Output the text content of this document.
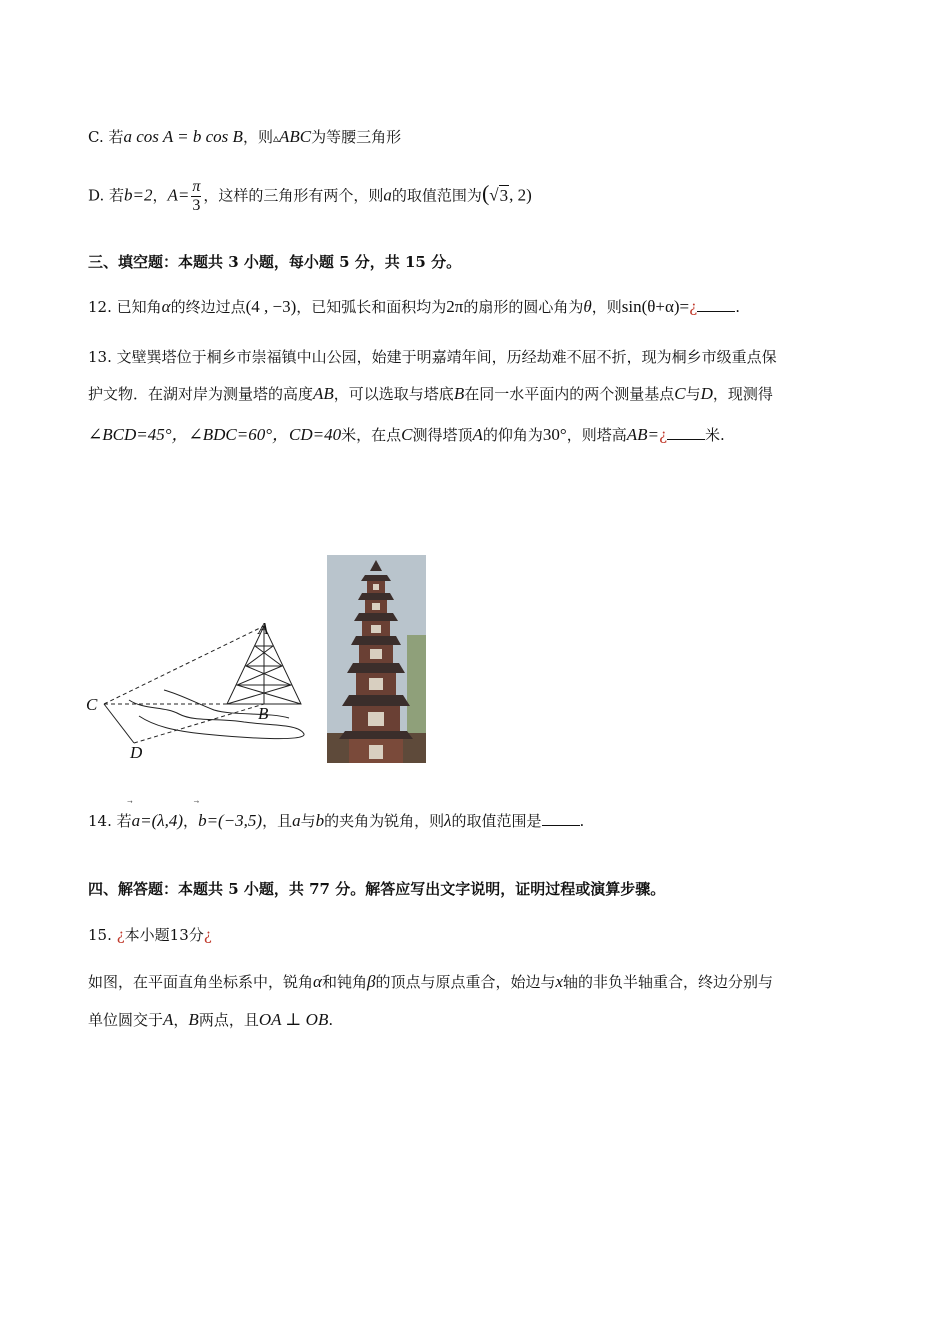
C. 若a cos A = b cos B，则▵ABC为等腰三角形
D. 若b=2，$A= \frac{\pi}{3}$ ，这样的三角形有两个，则a的取值范围为(√3, 2)
三、填空题：本题共 3 小题，每小题 5 分，共 15 分。
12. 已知角α的终边过点(4 , −3)，已知弧长和面积均为2π的扇形的圆心角为θ，则sin(θ+α)=¿	.
13. 文壁巽塔位于桐乡市崇福镇中山公园，始建于明嘉靖年间，历经劫难不屈不折，现为桐乡市级重点保
护文物．在湖对岸为测量塔的高度AB，可以选取与塔底B在同一水平面内的两个测量基点C与D，现测得
∠BCD=45°，∠BDC=60°，CD=40米，在点C测得塔顶A的仰角为30°，则塔高AB=¿	米.
A
B
C
D
14. 若
a=(λ,4)，
b=(−3,5)，且a与b的夹角为锐角，则λ的取值范围是	.
四、解答题：本题共 5 小题，共 77 分。解答应写出文字说明，证明过程或演算步骤。
15. ¿本小题13分¿
如图，在平面直角坐标系中，锐角α和钝角β的顶点与原点重合，始边与x轴的非负半轴重合，终边分别与
单位圆交于A，B两点，且OA ⊥ OB.
